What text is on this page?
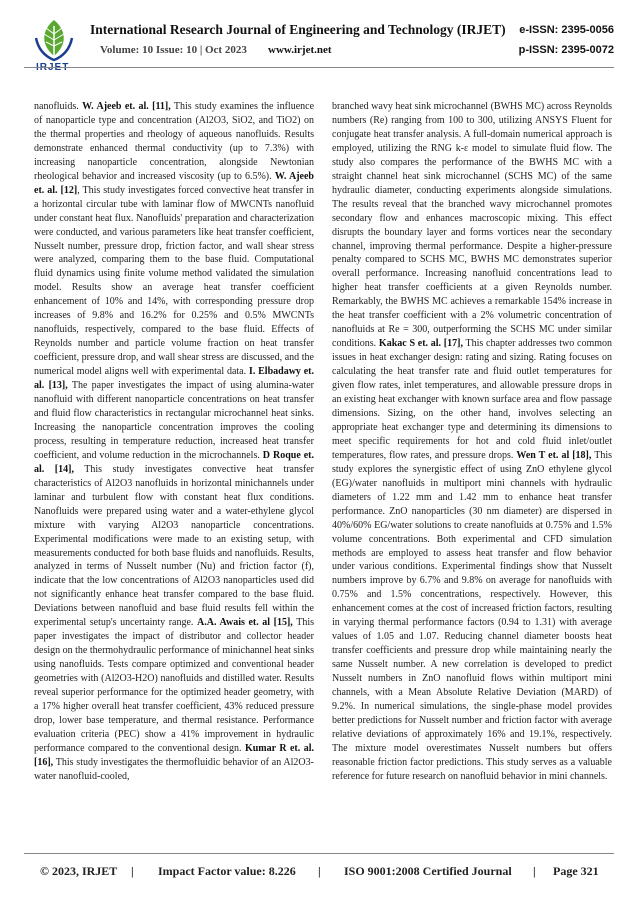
IRJET
International Research Journal of Engineering and Technology (IRJET) e-ISSN: 2395-0056
Volume: 10 Issue: 10 | Oct 2023 www.irjet.net	p-ISSN: 2395-0072

nanofluids. W. Ajeeb et. al. [11], This study examines the influence of nanoparticle type and concentration (Al2O3, SiO2, and TiO2) on the thermal properties and rheology of aqueous nanofluids. Results demonstrate enhanced thermal conductivity (up to 7.3%) with increasing nanoparticle concentration, alongside Newtonian rheological behavior and increased viscosity (up to 6.5%). W. Ajeeb et. al. [12], This study investigates forced convective heat transfer in a horizontal circular tube with laminar flow of MWCNTs nanofluid under constant heat flux. Nanofluids' preparation and characterization were conducted, and various parameters like heat transfer coefficient, Nusselt number, pressure drop, friction factor, and wall shear stress were analyzed, comparing them to the base fluid. Computational fluid dynamics using finite volume method validated the simulation model. Results show an average heat transfer coefficient enhancement of 10% and 14%, with corresponding pressure drop increases of 9.8% and 16.2% for 0.25% and 0.5% MWCNTs nanofluids, respectively, compared to the base fluid. Effects of Reynolds number and particle volume fraction on heat transfer coefficient, pressure drop, and wall shear stress are discussed, and the numerical model aligns well with experimental data. I. Elbadawy et. al. [13], The paper investigates the impact of using alumina-water nanofluid with different nanoparticle concentrations on heat transfer and fluid flow characteristics in rectangular microchannel heat sinks. Increasing the nanoparticle concentration improves the cooling process, resulting in temperature reduction, increased heat transfer coefficient, and volume reduction in the microchannels. D Roque et. al. [14], This study investigates convective heat transfer characteristics of Al2O3 nanofluids in horizontal minichannels under laminar and turbulent flow with constant heat flux conditions. Nanofluids were prepared using water and a water-ethylene glycol mixture with varying Al2O3 nanoparticle concentrations. Experimental modifications were made to an existing setup, with measurements conducted for both base fluids and nanofluids. Results, analyzed in terms of Nusselt number (Nu) and friction factor (f), indicate that the low concentrations of Al2O3 nanoparticles used did not significantly enhance heat transfer compared to the base fluid. Deviations between nanofluid and base fluid results fell within the experimental setup's uncertainty range. A.A. Awais et. al [15], This paper investigates the impact of distributor and collector header design on the thermohydraulic performance of minichannel heat sinks using nanofluids. Tests compare optimized and conventional header geometries with (Al2O3-H2O) nanofluids and distilled water. Results reveal superior performance for the optimized header geometry, with a 17% higher overall heat transfer coefficient, 43% reduced pressure drop, lower base temperature, and thermal resistance. Performance evaluation criteria (PEC) show a 41% improvement in hydraulic performance compared to the conventional design. Kumar R et. al. [16], This study investigates the thermofluidic behavior of an Al2O3-water nanofluid-cooled,

branched wavy heat sink microchannel (BWHS MC) across Reynolds numbers (Re) ranging from 100 to 300, utilizing ANSYS Fluent for conjugate heat transfer analysis. A full-domain numerical approach is employed, utilizing the RNG k-ε model to simulate fluid flow. The study also compares the performance of the BWHS MC with a straight channel heat sink microchannel (SCHS MC) of the same hydraulic diameter, conducting experiments alongside simulations. The results reveal that the branched wavy microchannel promotes secondary flow and enhances macroscopic mixing. This effect disrupts the boundary layer and forms vortices near the secondary channel, improving thermal performance. Despite a higher-pressure penalty compared to SCHS MC, BWHS MC demonstrates superior overall performance. Increasing nanofluid concentrations lead to higher heat transfer coefficients at a given Reynolds number. Remarkably, the BWHS MC achieves a remarkable 154% increase in the heat transfer coefficient with a 2% volumetric concentration of nanofluids at Re = 300, outperforming the SCHS MC under similar conditions. Kakac S et. al. [17], This chapter addresses two common issues in heat exchanger design: rating and sizing. Rating focuses on calculating the heat transfer rate and fluid outlet temperatures for given flow rates, inlet temperatures, and allowable pressure drops in an existing heat exchanger with known surface area and flow passage dimensions. Sizing, on the other hand, involves selecting an appropriate heat exchanger type and determining its dimensions to meet specific requirements for hot and cold fluid inlet/outlet temperatures, flow rates, and pressure drops. Wen T et. al [18], This study explores the synergistic effect of using ZnO ethylene glycol (EG)/water nanofluids in multiport mini channels with hydraulic diameters of 1.22 mm and 1.42 mm to enhance heat transfer performance. ZnO nanoparticles (30 nm diameter) are dispersed in 40%/60% EG/water solutions to create nanofluids at 0.75% and 1.5% volume concentrations. Both experimental and CFD simulation methods are employed to assess heat transfer and flow behavior under various conditions. Experimental findings show that Nusselt numbers improve by 6.7% and 9.8% on average for nanofluids with 0.75% and 1.5% concentrations, respectively. However, this enhancement comes at the cost of increased friction factors, resulting in varying thermal performance factors (0.94 to 1.31) with average values of 1.05 and 1.07. Reducing channel diameter boosts heat transfer coefficients and pressure drop while maintaining nearly the same Nusselt number. A new correlation is developed to predict Nusselt numbers in ZnO nanofluid flows within multiport mini channels, with a Mean Absolute Relative Deviation (MARD) of 9.2%. In numerical simulations, the single-phase model provides better predictions for Nusselt number and friction factor with average relative deviations of approximately 16% and 19.1%, respectively. The mixture model overestimates Nusselt numbers but offers reasonable friction factor predictions. This study serves as a valuable reference for future research on nanofluid behavior in mini channels.

© 2023, IRJET | Impact Factor value: 8.226 | ISO 9001:2008 Certified Journal | Page 321
